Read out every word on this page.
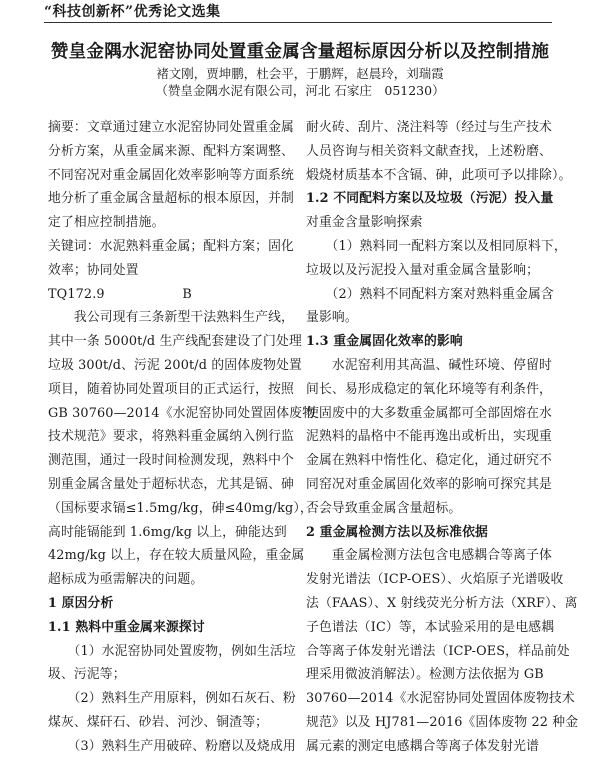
“科技创新杯”优秀论文选集
赞皇金隅水泥窑协同处置重金属含量超标原因分析以及控制措施
褚文刚，贾坤鹏，杜会平，于鹏辉，赵晨玲，刘瑞霞
（赞皇金隅水泥有限公司，河北 石家庄　051230）
摘要：文章通过建立水泥窑协同处置重金属
分析方案，从重金属来源、配料方案调整、
不同窑况对重金属固化效率影响等方面系统
地分析了重金属含量超标的根本原因，并制
定了相应控制措施。
关键词：水泥熟料重金属；配料方案；固化
效率；协同处置
TQ172.9　　　　　　B
　　我公司现有三条新型干法熟料生产线，
其中一条 5000t/d 生产线配套建设了门处理
垃圾 300t/d、污泥 200t/d 的固体废物处置
项目，随着协同处置项目的正式运行，按照
GB 30760—2014《水泥窑协同处置固体废物
技术规范》要求，将熟料重金属纳入例行监
测范围，通过一段时间检测发现，熟料中个
别重金属含量处于超标状态，尤其是镉、砷
（国标要求镉≤1.5mg/kg，砷≤40mg/kg），
高时能镉能到 1.6mg/kg 以上，砷能达到
42mg/kg 以上，存在较大质量风险，重金属
超标成为亟需解决的问题。
1 原因分析
1.1 熟料中重金属来源探讨
　　（1）水泥窑协同处置废物，例如生活垃
圾、污泥等；
　　（2）熟料生产用原料，例如石灰石、粉
煤灰、煤矸石、砂岩、河沙、铜渣等；
　　（3）熟料生产用破碎、粉磨以及烧成用
耐火砖、刮片、浇注料等（经过与生产技术
人员咨询与相关资料文献查找，上述粉磨、
煅烧材质基本不含镉、砷，此项可予以排除）。
1.2 不同配料方案以及垃圾（污泥）投入量
对重金含量影响探索
　　（1）熟料同一配料方案以及相同原料下，
垃圾以及污泥投入量对重金属含量影响；
　　（2）熟料不同配料方案对熟料重金属含
量影响。
1.3 重金属固化效率的影响
　　水泥窑利用其高温、碱性环境、停留时
间长、易形成稳定的氧化环境等有利条件，
使固废中的大多数重金属都可全部固熔在水
泥熟料的晶格中不能再逸出或析出，实现重
金属在熟料中惰性化、稳定化，通过研究不
同窑况对重金属固化效率的影响可探究其是
否会导致重金属含量超标。
2 重金属检测方法以及标准依据
　　重金属检测方法包含电感耦合等离子体
发射光谱法（ICP-OES）、火焰原子光谱吸收
法（FAAS）、X 射线荧光分析方法（XRF）、离
子色谱法（IC）等，本试验采用的是电感耦
合等离子体发射光谱法（ICP-OES，样品前处
理采用微波消解法）。检测方法依据为 GB
30760—2014《水泥窑协同处置固体废物技术
规范》以及 HJ781—2016《固体废物 22 种金
属元素的测定电感耦合等离子体发射光谱
